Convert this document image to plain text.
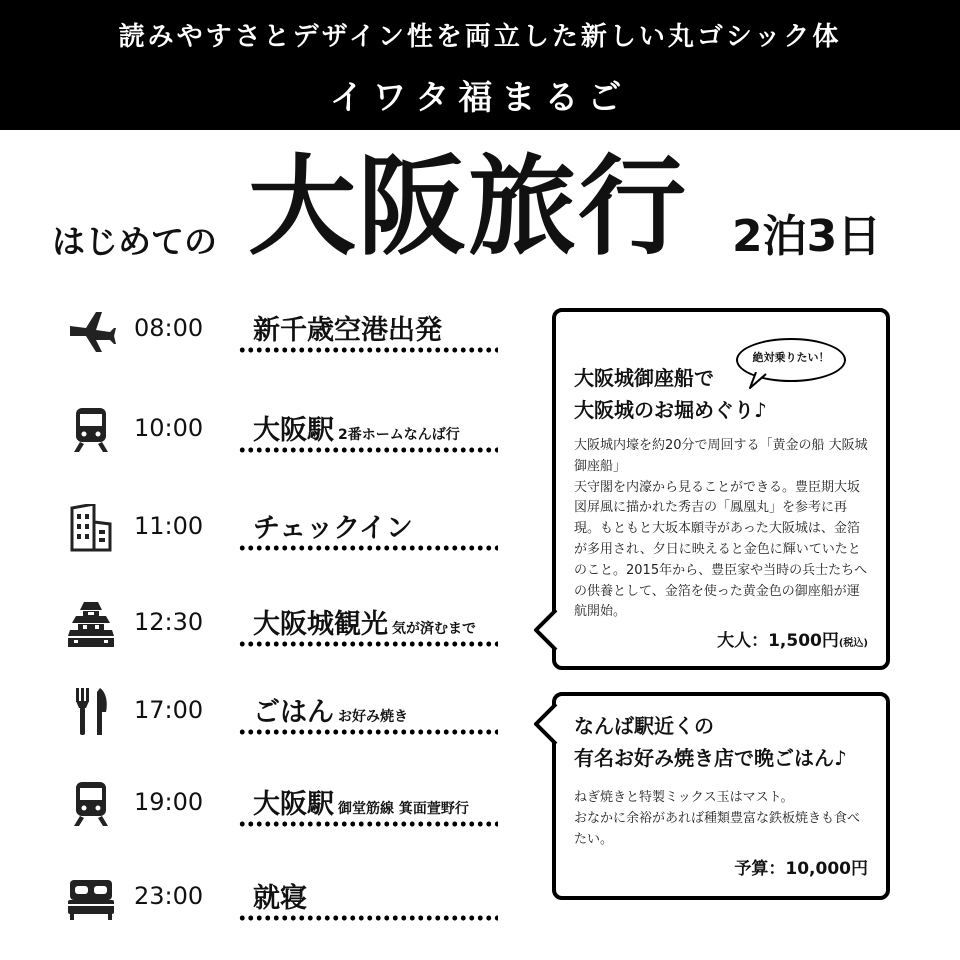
読みやすさとデザイン性を両立した新しい丸ゴシック体
イワタ福まるご
はじめての 大阪旅行 2泊3日
08:00 新千歳空港出発
10:00 大阪駅 2番ホームなんば行
11:00 チェックイン
12:30 大阪城観光 気が済むまで
17:00 ごはん お好み焼き
19:00 大阪駅 御堂筋線 箕面萱野行
23:00 就寝
大阪城御座船で
大阪城のお堀めぐり♪
大阪城内壕を約20分で周回する「黄金の船 大阪城御座船」
天守閣を内濠から見ることができる。豊臣期大坂図屏風に描かれた秀吉の「鳳凰丸」を参考に再現。もともと大坂本願寺があった大阪城は、金箔が多用され、夕日に映えると金色に輝いていたとのこと。2015年から、豊臣家や当時の兵士たちへの供養として、金箔を使った黄金色の御座船が運航開始。
大人：1,500円(税込)
絶対乗りたい！
なんば駅近くの
有名お好み焼き店で晩ごはん♪
ねぎ焼きと特製ミックス玉はマスト。
おなかに余裕があれば種類豊富な鉄板焼きも食べたい。
予算：10,000円
